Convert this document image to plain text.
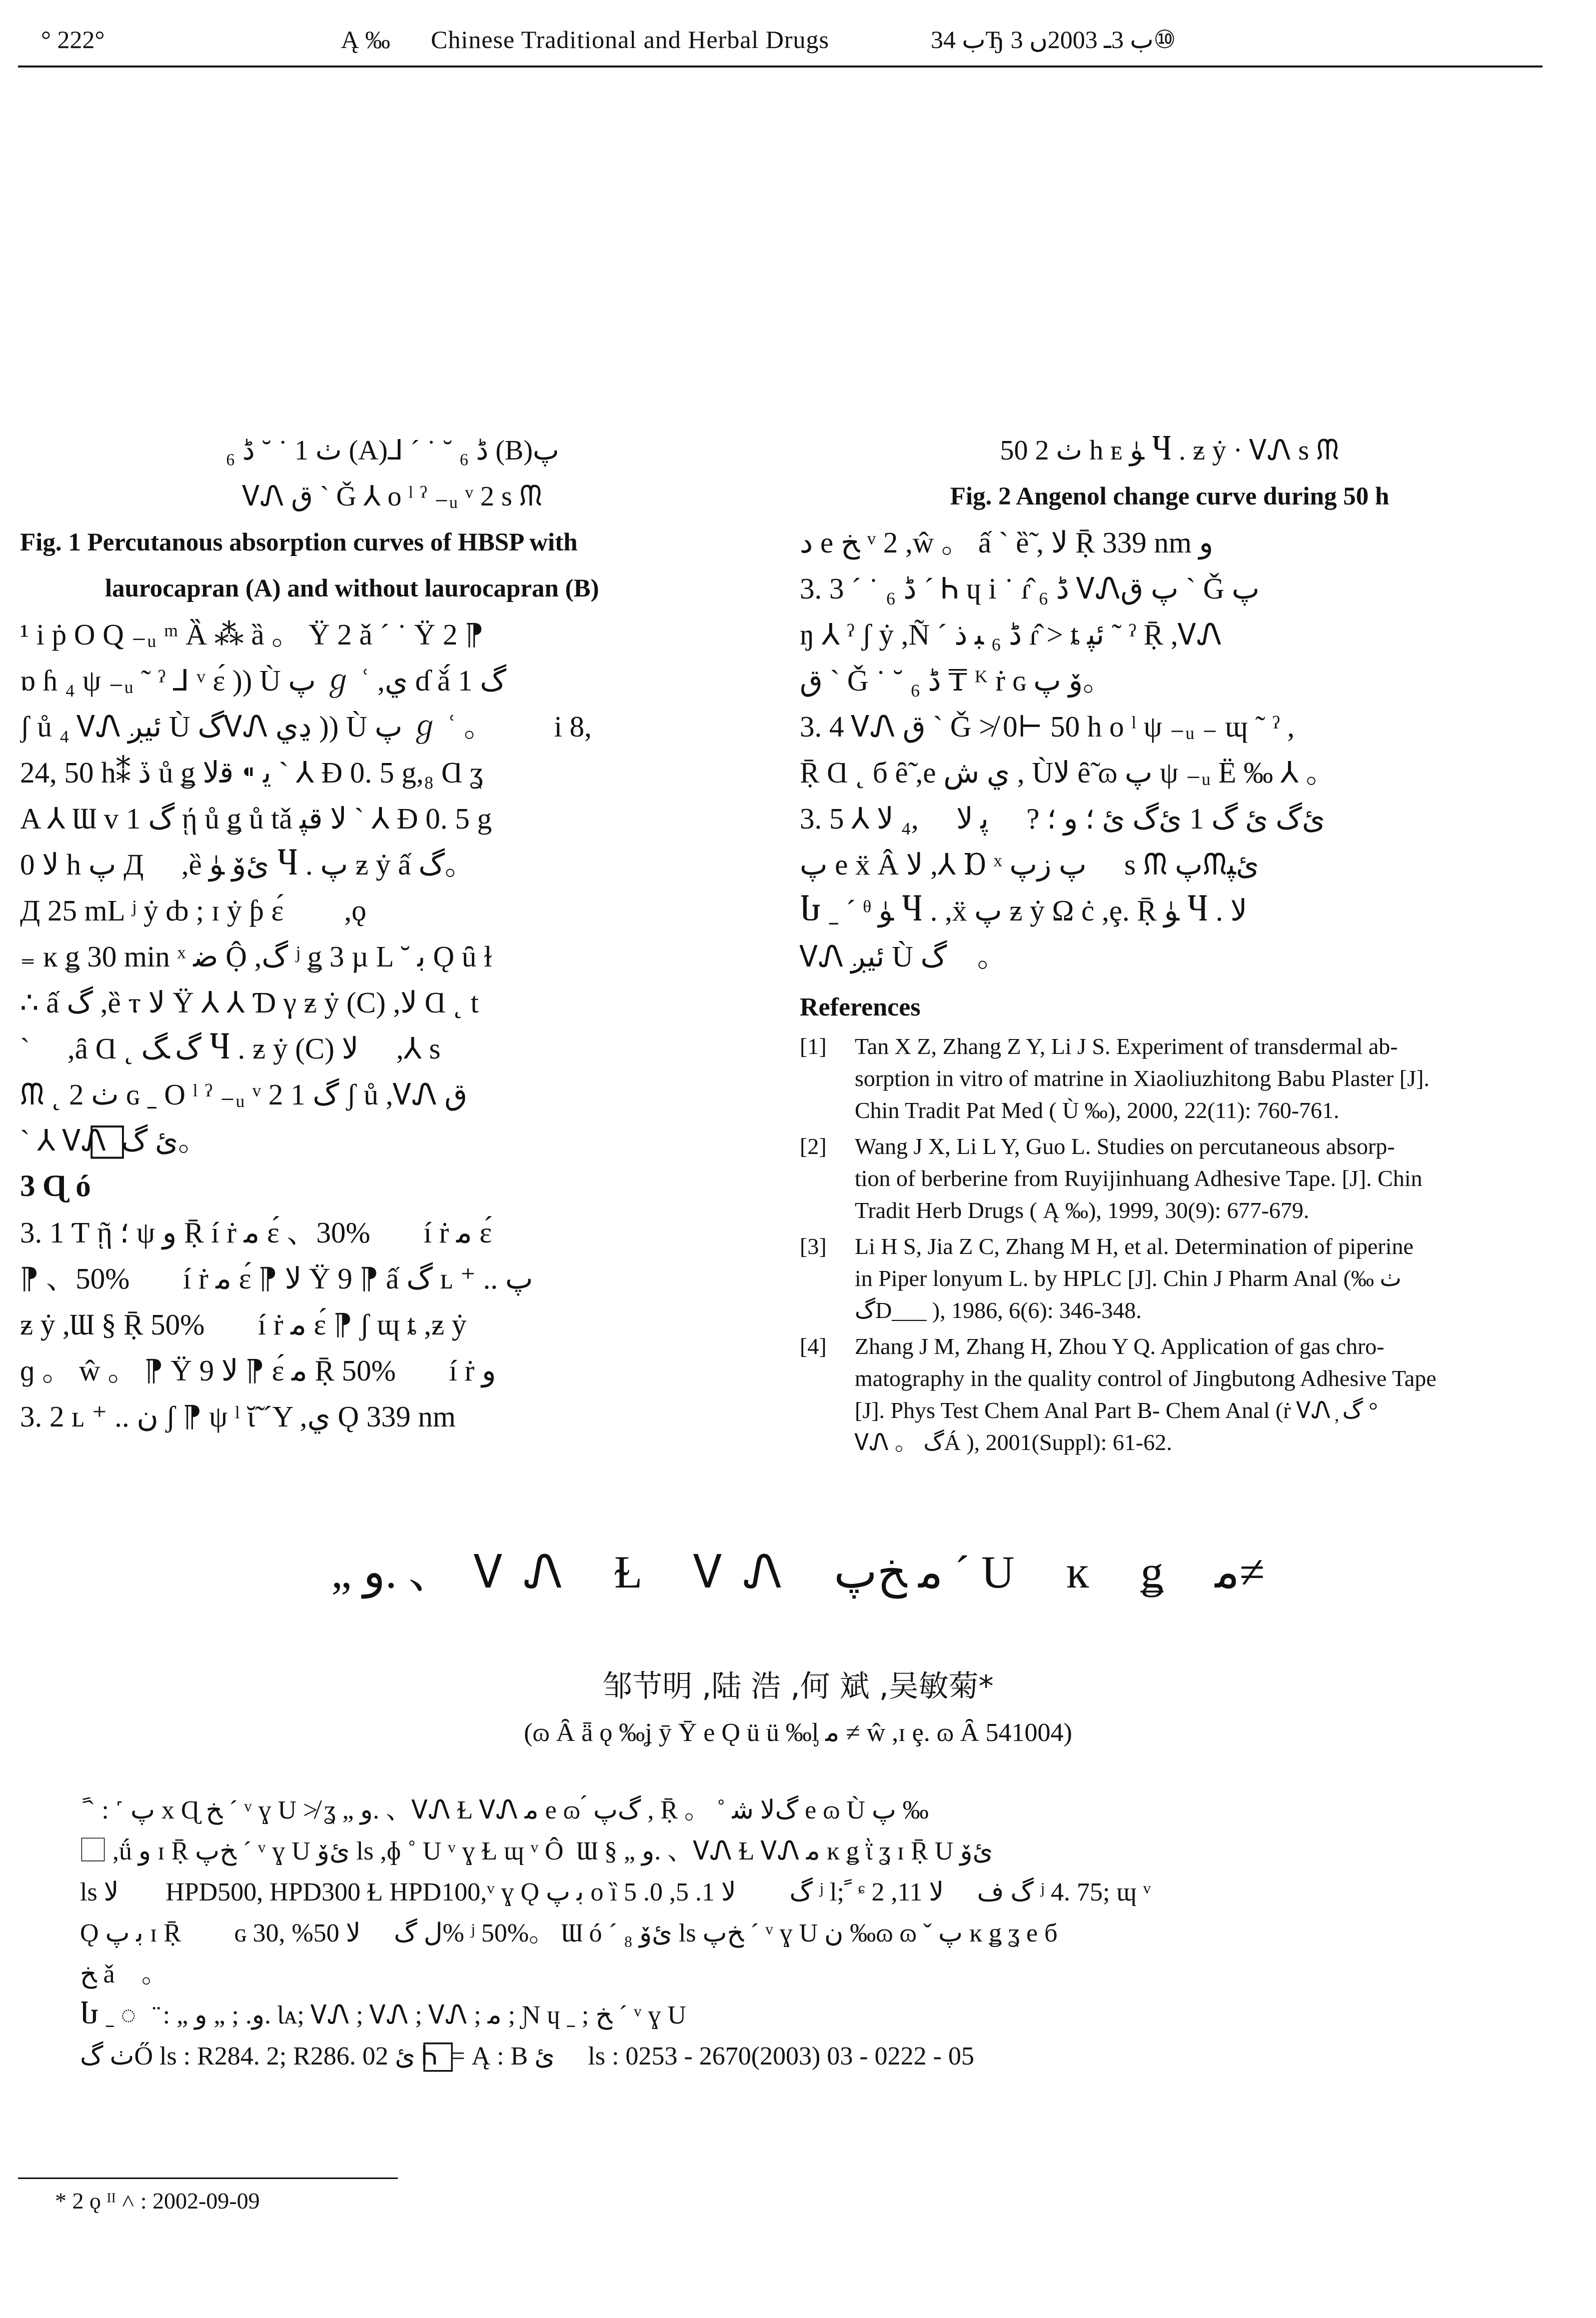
° 222°	Ą ‰ Chinese Traditional and Herbal Drugs	ب 34Ђ ب 3ـ 2003ں 3⑩

ٺ 1 ˙ ˘ ڈ ₆ (A)⅃ ´ ˙ ˘ ڈ ₆ (B)پ

ᏙᏁ ق ` Ǧ ⅄ o ˡ ˀ ₋ᵤ ᵛ 2 s ᙏ

Fig. 1 Percutanous absorption curves of HBSP with

laurocapran (A) and without laurocapran (B)

¹ i ṗ O Q ₋ᵤ ᵐ Ȁ ⁂ ȁ 。 Ÿ 2 ǎ ´ ˙ Ÿ 2 ⁋ ⁧

ɒ ɦ ₄ ψ ₋ᵤ ˜ ˀ ⅃ ᵛ ɛ́ )) Ù پ ℊ ʿ ,ي ɗ ǎ́ 1 گ

ʃ ů ₄ ᏙᏁ ئيږ Ù گᏙᏁ ڍي )) Ù پ ℊ ʿ 。 گ⃞ i 8,

24, 50 h⁑ ڏ ů ǥ ﻳ ⁌ ﻗﻻ ` ⅄ Ɖ 0. 5 g,₈ Ɑ ʓ

A ⅄ Ɯ v 1 گ ῄ ů ǥ ů tǎ ﻻ ﻗﭙ ` ⅄ Ɖ 0. 5 g

ﻻ 0 h پ Д ⃞ ,ȅ ئﯙ ﯜ Ⴗ . پ ƶ ẏ ấ گ。

Д 25 mL ʲ ẏ ȸ ; ɪ ẏ ƥ ɛ́ ⊞⃞ ,ǫ

₌ ĸ ǥ 30 min ˣ ﺿ Ộ ,گ ʲ ǥ 3 µ L ˘ ﺑ Ǫ ȗ ɫ

∴ ấ گ ,ȅ ⲧ ﻻ Ÿ ⅄ ⅄ Ɗ γ ƶ ẏ (C) ,⁧Ɑ ˛ t ﻻ

` ⃞ ,ȃ Ɑ ˛ ﮒ ﮓ Ⴗ . ƶ ẏ (C) ﻻ ⃞ ,⅄ s

ᙏ ˛ ٺ 2 ɢ ˍ O ˡ ˀ ₋ᵤ ᵛ 2 1 گ ʃ ů ,ᏙᏁ ق

` ⅄ ᏙᏁ ⃞ ئ گ。

3 Ɋ ó

3. 1 Ƭ ῇ ؛ ψ و Ṝ í ṙ ﻣ ɛ́ 、30%⊞⃞ í ṙ ﻣ ɛ́

⁋ 、50%⊞⃞ í ṙ ﻣ ɛ́ ⁋ ﻻ Ÿ 9 ⁋ ấ گ ʟ ⁺ .. پ

ƶ ẏ ,Ɯ § Ṝ 50%⊞⃞ í ṙ ﻣ ɛ́ ⁋ ʃ ɰ ȶ ,ƶ ẏ

ɡ 。 ŵ ⁧و Ṝ 50%⊞⃞ í ṙ ﻣ ɛ́ ⁋ ﻻ Ÿ 9 ⁋ 。

3. 2 ʟ ⁺ .. ن ʃ ⁋ ψ ˡ ῐ̃ ´Y ,ي Ǫ 339 nm

ٺ 2 50 h ᴇ ﯜ Ⴗ . ƶ ẏ · ᏙᏁ s ᙏ

Fig. 2 Angenol change curve during 50 h

ﺩ e ﺦ ᵛ 2 ,ŵ ⁧ و Ṝ 339 nm ﻻ , ấ ` ȅ̃ 。

3. 3 ´ ˙ ڈ ₆ ´ Ꮒ ɥ i ˙ ɾ̂ ڈ ₆ ᏙᏁپ ق ` Ǧ پ

ŋ ⅄ ˀ ʃ ẏ ,Ñ ´ ڈ ₆ ﺒ ﺫ ɾ̂ > ȶ ﺋﭙ ˜ ˀ Ṝ ,ᏙᏁ

ق ` Ǧ ˙ ˘ ڈ ₆ ₸ ᴷ ṙ ɢ ﯙ پ。

3. 4 ᏙᏁ ق ` Ǧ ≯ 0⊢ 50 h o ˡ ψ ₋ᵤ ₋ ɰ ˜ ˀ ,

Ṝ Ɑ ˛ б ȇ̃ ,e ﻱ ﺵ , Ùﻻ ȇ̃ ɷ پ ψ ₋ᵤ Ë ‰ ⅄ 。

3. 5 ⅄ ئﮒ ئ گ 1 ئﮒ ئ ؛ و ؛ ? ⃞ ﭘ ﻻ ⃞ ,₄ ﻻ

ﭖ e ẍ Â ﻻ ,⅄ Ɒ ˣ پ ﺯپ ⃞ s ᙏ پᙏئﭙ

Ⴑ ˍ ´ ᶿ ﯜ Ⴗ . ,ẍ پ ƶ ẏ Ω ċ ,ȩ. Ṝ ﯜ Ⴗ . ﻻ

ᏙᏁ ئيږ Ù گ ⃞。

References

[1] Tan X Z, Zhang Z Y, Li J S. Experiment of transdermal ab-
sorption in vitro of matrine in Xiaoliuzhitong Babu Plaster [J].
Chin Tradit Pat Med ( Ù ‰), 2000, 22(11): 760-761.

[2] Wang J X, Li L Y, Guo L. Studies on percutaneous absorp-
tion of berberine from Ruyijinhuang Adhesive Tape. [J]. Chin
Tradit Herb Drugs ( Ą ‰), 1999, 30(9): 677-679.

[3] Li H S, Jia Z C, Zhang M H, et al. Determination of piperine
in Piper lonyum L. by HPLC [J]. Chin J Pharm Anal (‰ ٺ
گD___ ), 1986, 6(6): 346-348.

[4] Zhang J M, Zhang H, Zhou Y Q. Application of gas chro-
matography in the quality control of Jingbutong Adhesive Tape
[J]. Phys Test Chem Anal Part B- Chem Anal (ṙ ᏙᏁ ̦ گ °
ᏙᏁ 。 گÁ ), 2001(Suppl): 61-62.

„ و. 、ᏙᏁ Ɫ ᏙᏁ ﻣ ﺦپ ´ U ĸ ǥ ﻣ≠
邹节明 ,陆 浩 ,何 斌 ,吴敏菊*
(ɷ Ȃ ǟ ǫ ‰ʝ ȳ Ȳ e Ǫ ü ü ‰ᶅ ﻣ ≠ ŵ ,ɪ ȩ. ɷ Ȃ 541004)

ً ˋ : ˹ پ x Ɋ ﺦ ´ ᵛ ɣ U ≯ ʓ „ و. 、ᏙᏁ Ɫ ᏙᏁ ﻣ e ɷ ́ ﮒپ , Ṝ 。 ˚ ﺷ ⁧ ‰ پ e ɷ Ù گﻻ

⃞ ,ǘ و ɪ Ṝ ﺦپ ´ ᵛ ɣ U ئﯙ ls ,ɸ ˚ U ᵛ ɣ Ɫ ɰ ᵛ Ô ⁨ Ɯ § „ و. 、ᏙᏁ Ɫ ᏙᏁ ﻣ ĸ ǥ ῒ ʓ ɪ Ṝ U ئﯙ

ls گ⃞ﻻ HPD500, HPD300 Ɫ HPD100,ᵛ ɣ Ǫ ﺑ پ o ȉ ﮒ ﻑ⃞ ﻻ 1. 5, 0. 5 ʲ l; ً ᶝ ﮒ ﻑ ⃞ ﻻ 11, 2 ʲ 4. 75; ɰ ᵛ

Ǫ ﺑ پ ɪ Ṝ ⊞⃞ ɢ ﻝ ﮒ ⃞ ﻻ 50% ,30% ʲ 50%。 Ɯ ó ´ ₈ ئﯙ ls ﺦپ ´ ᵛ ɣ U ن ‰ɷ ɷ ˇ پ ĸ ǥ ʓ e б

ﺦ ǎ ⃞。

Ⴑ ˍ ៑̈ : „ و. ; „ و. Ɩᴀ; ᏙᏁ ; ᏙᏁ ; ᏙᏁ ; ﻣ ; Ɲ ɥ ˍ ; ﺦ ´ ᵛ ɣ U

ٺ گŐ ls : R284. 2; R286. 02 ئ Ꮒ ⃞ = Ą : B ئ ⃞ ls : 0253 - 2670(2003) 03 - 0222 - 05

* 2 ǫ ᴵᴵ ˄ : 2002-09-09
